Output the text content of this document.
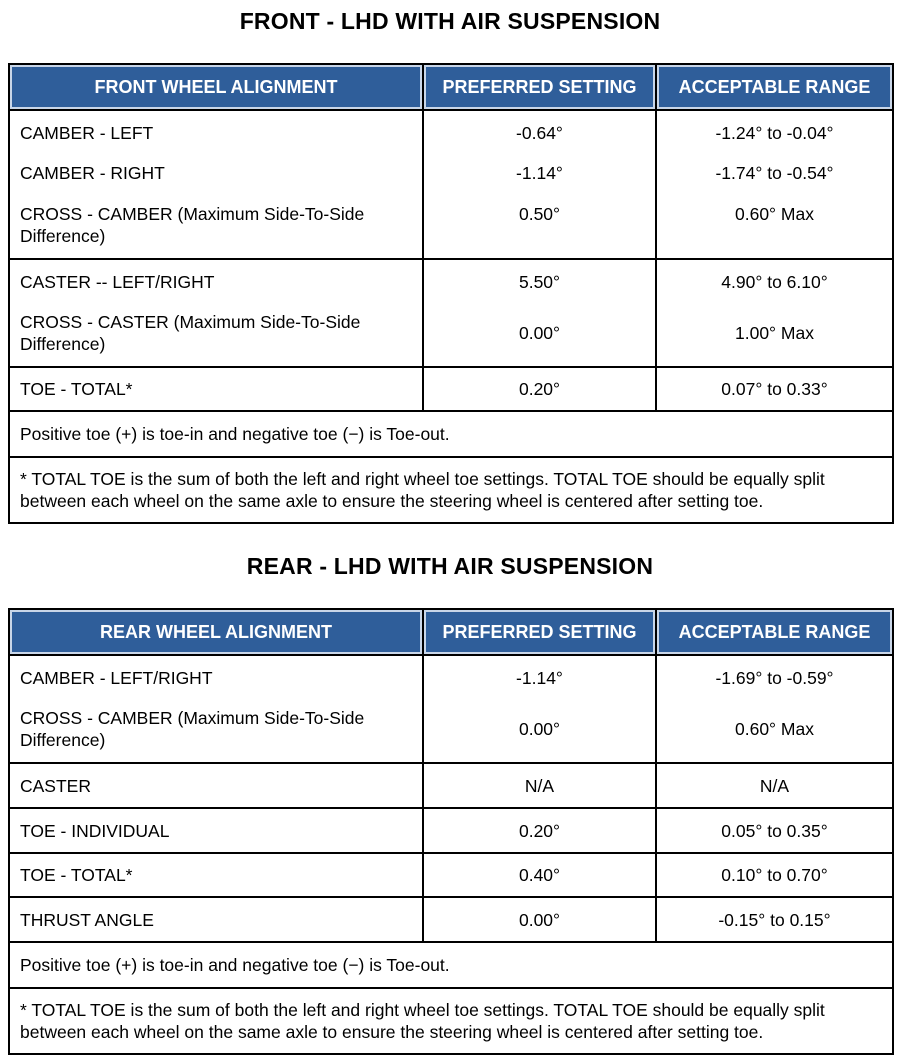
FRONT - LHD WITH AIR SUSPENSION
FRONT WHEEL ALIGNMENT	PREFERRED SETTING	ACCEPTABLE RANGE
CAMBER - LEFT	-0.64°	-1.24° to -0.04°
CAMBER - RIGHT	-1.14°	-1.74° to -0.54°
CROSS - CAMBER (Maximum Side-To-Side Difference)	0.50°	0.60° Max
CASTER -- LEFT/RIGHT	5.50°	4.90° to 6.10°
CROSS - CASTER (Maximum Side-To-Side Difference)	0.00°	1.00° Max
TOE - TOTAL*	0.20°	0.07° to 0.33°
Positive toe (+) is toe-in and negative toe (−) is Toe-out.		
* TOTAL TOE is the sum of both the left and right wheel toe settings. TOTAL TOE should be equally split between each wheel on the same axle to ensure the steering wheel is centered after setting toe.		
REAR - LHD WITH AIR SUSPENSION
REAR WHEEL ALIGNMENT	PREFERRED SETTING	ACCEPTABLE RANGE
CAMBER - LEFT/RIGHT	-1.14°	-1.69° to -0.59°
CROSS - CAMBER (Maximum Side-To-Side Difference)	0.00°	0.60° Max
CASTER	N/A	N/A
TOE - INDIVIDUAL	0.20°	0.05° to 0.35°
TOE - TOTAL*	0.40°	0.10° to 0.70°
THRUST ANGLE	0.00°	-0.15° to 0.15°
Positive toe (+) is toe-in and negative toe (−) is Toe-out.		
* TOTAL TOE is the sum of both the left and right wheel toe settings. TOTAL TOE should be equally split between each wheel on the same axle to ensure the steering wheel is centered after setting toe.		
